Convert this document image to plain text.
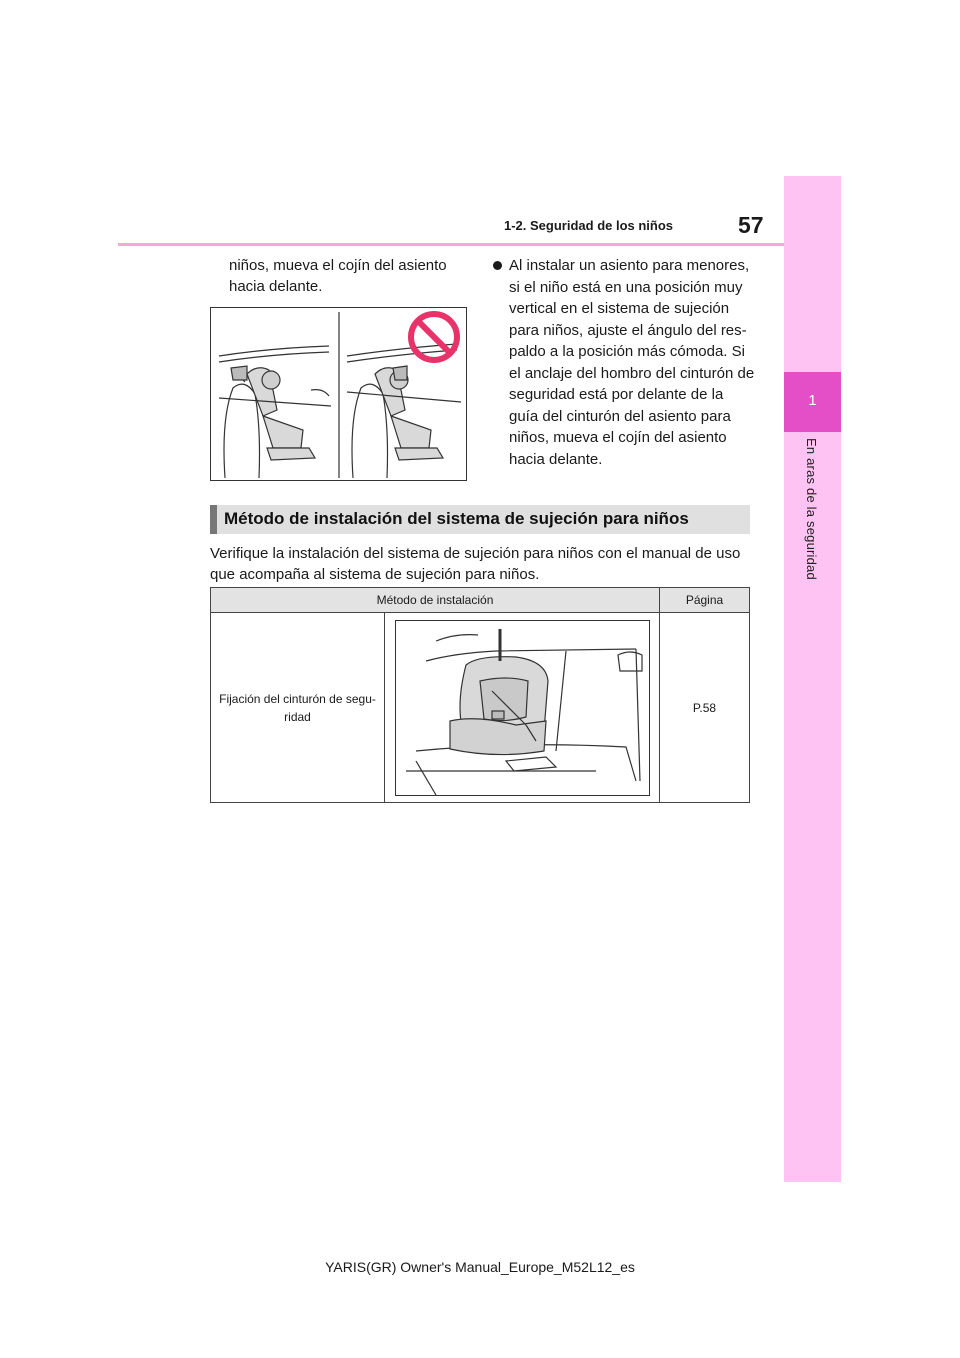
1
En aras de la seguridad
57
1-2. Seguridad de los niños
niños, mueva el cojín del asiento hacia delante.
Al instalar un asiento para menores, si el niño está en una posición muy vertical en el sistema de sujeción para niños, ajuste el ángulo del res-paldo a la posición más cómoda. Si el anclaje del hombro del cinturón de seguridad está por delante de la guía del cinturón del asiento para niños, mueva el cojín del asiento hacia delante.
Método de instalación del sistema de sujeción para niños
Verifique la instalación del sistema de sujeción para niños con el manual de uso que acompaña al sistema de sujeción para niños.
Método de instalación		Página
Fijación del cinturón de segu-ridad		P.58
YARIS(GR) Owner's Manual_Europe_M52L12_es
